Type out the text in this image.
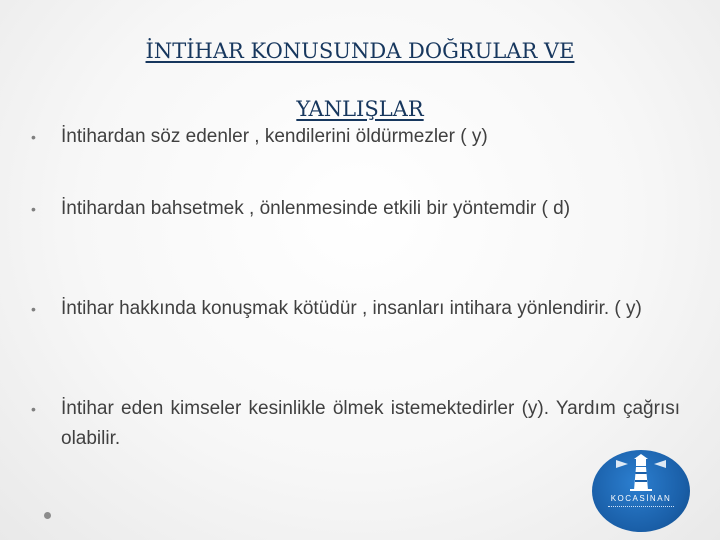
İNTİHAR KONUSUNDA DOĞRULAR VE
YANLIŞLAR
• İntihardan söz edenler , kendilerini öldürmezler ( y)
• İntihardan bahsetmek , önlenmesinde etkili bir yöntemdir ( d)
• İntihar hakkında konuşmak kötüdür , insanları intihara yönlendirir. ( y)
• İntihar eden kimseler kesinlikle ölmek istemektedirler (y). Yardım çağrısı olabilir.
KOCASİNAN
